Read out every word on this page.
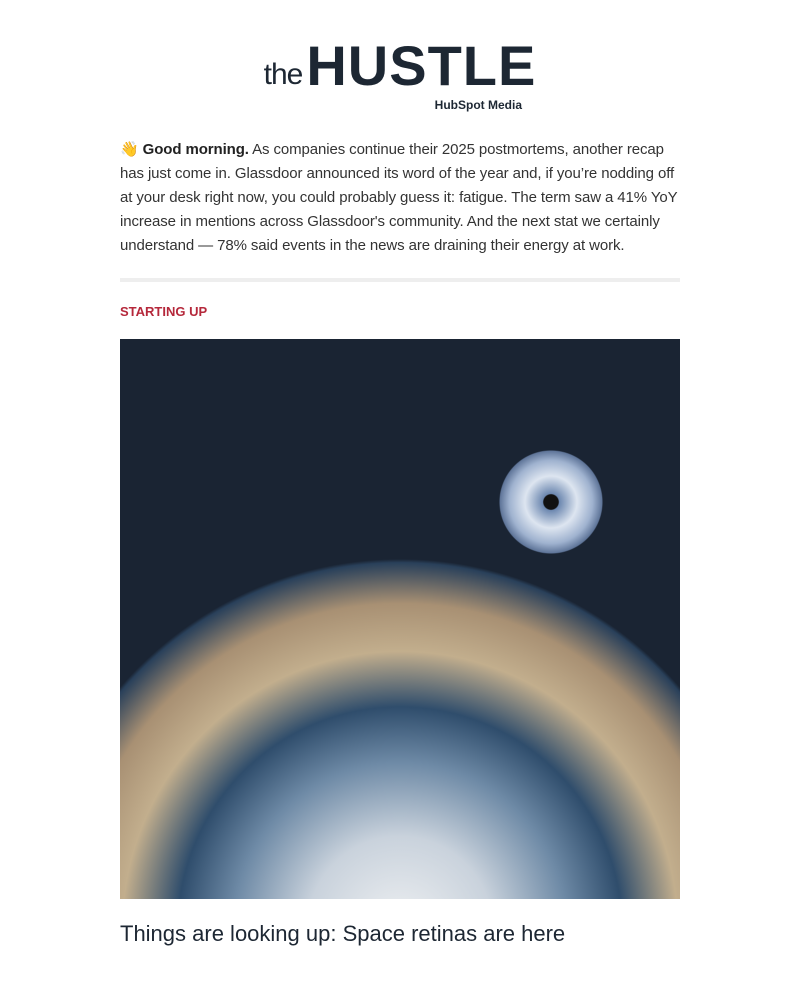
the HUSTLE
HubSpot Media

👋 Good morning. As companies continue their 2025 postmortems, another recap has just come in. Glassdoor announced its word of the year and, if you’re nodding off at your desk right now, you could probably guess it: fatigue. The term saw a 41% YoY increase in mentions across Glassdoor's community. And the next stat we certainly understand — 78% said events in the news are draining their energy at work.

STARTING UP
Things are looking up: Space retinas are here
